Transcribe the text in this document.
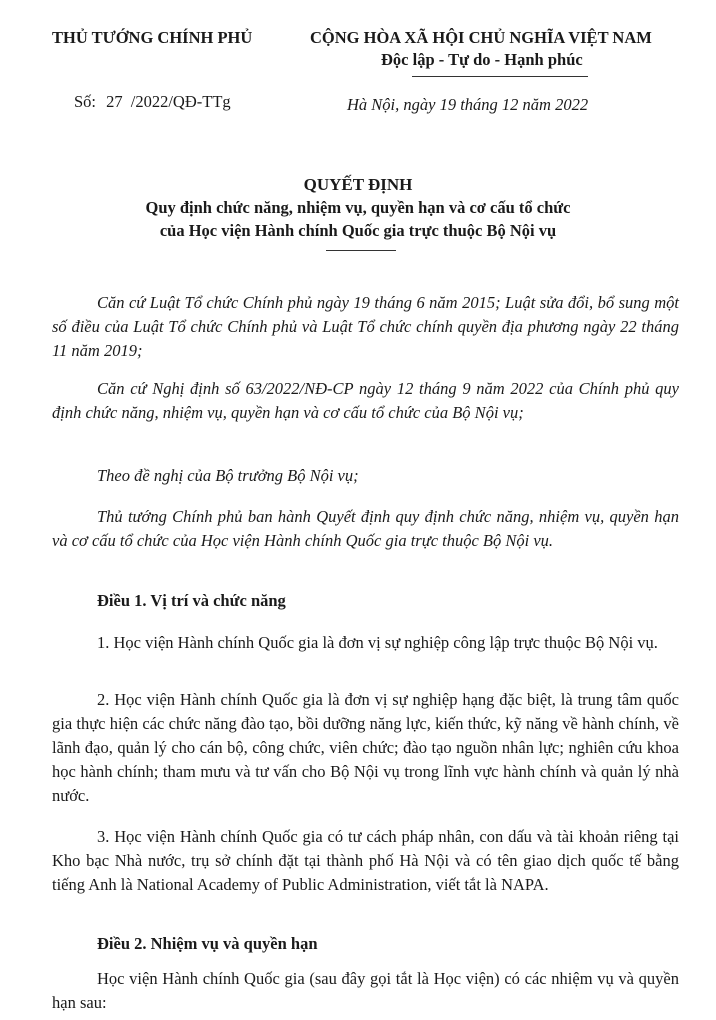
THỦ TƯỚNG CHÍNH PHỦ	CỘNG HÒA XÃ HỘI CHỦ NGHĨA VIỆT NAM
Độc lập - Tự do - Hạnh phúc
Số: 27 /2022/QĐ-TTg	Hà Nội, ngày 19 tháng 12 năm 2022
QUYẾT ĐỊNH
Quy định chức năng, nhiệm vụ, quyền hạn và cơ cấu tổ chức
của Học viện Hành chính Quốc gia trực thuộc Bộ Nội vụ
Căn cứ Luật Tổ chức Chính phủ ngày 19 tháng 6 năm 2015; Luật sửa đổi, bổ sung một số điều của Luật Tổ chức Chính phủ và Luật Tổ chức chính quyền địa phương ngày 22 tháng 11 năm 2019;
Căn cứ Nghị định số 63/2022/NĐ-CP ngày 12 tháng 9 năm 2022 của Chính phủ quy định chức năng, nhiệm vụ, quyền hạn và cơ cấu tổ chức của Bộ Nội vụ;
Theo đề nghị của Bộ trưởng Bộ Nội vụ;
Thủ tướng Chính phủ ban hành Quyết định quy định chức năng, nhiệm vụ, quyền hạn và cơ cấu tổ chức của Học viện Hành chính Quốc gia trực thuộc Bộ Nội vụ.
Điều 1. Vị trí và chức năng
1. Học viện Hành chính Quốc gia là đơn vị sự nghiệp công lập trực thuộc Bộ Nội vụ.
2. Học viện Hành chính Quốc gia là đơn vị sự nghiệp hạng đặc biệt, là trung tâm quốc gia thực hiện các chức năng đào tạo, bồi dưỡng năng lực, kiến thức, kỹ năng về hành chính, về lãnh đạo, quản lý cho cán bộ, công chức, viên chức; đào tạo nguồn nhân lực; nghiên cứu khoa học hành chính; tham mưu và tư vấn cho Bộ Nội vụ trong lĩnh vực hành chính và quản lý nhà nước.
3. Học viện Hành chính Quốc gia có tư cách pháp nhân, con dấu và tài khoản riêng tại Kho bạc Nhà nước, trụ sở chính đặt tại thành phố Hà Nội và có tên giao dịch quốc tế bằng tiếng Anh là National Academy of Public Administration, viết tắt là NAPA.
Điều 2. Nhiệm vụ và quyền hạn
Học viện Hành chính Quốc gia (sau đây gọi tắt là Học viện) có các nhiệm vụ và quyền hạn sau:
